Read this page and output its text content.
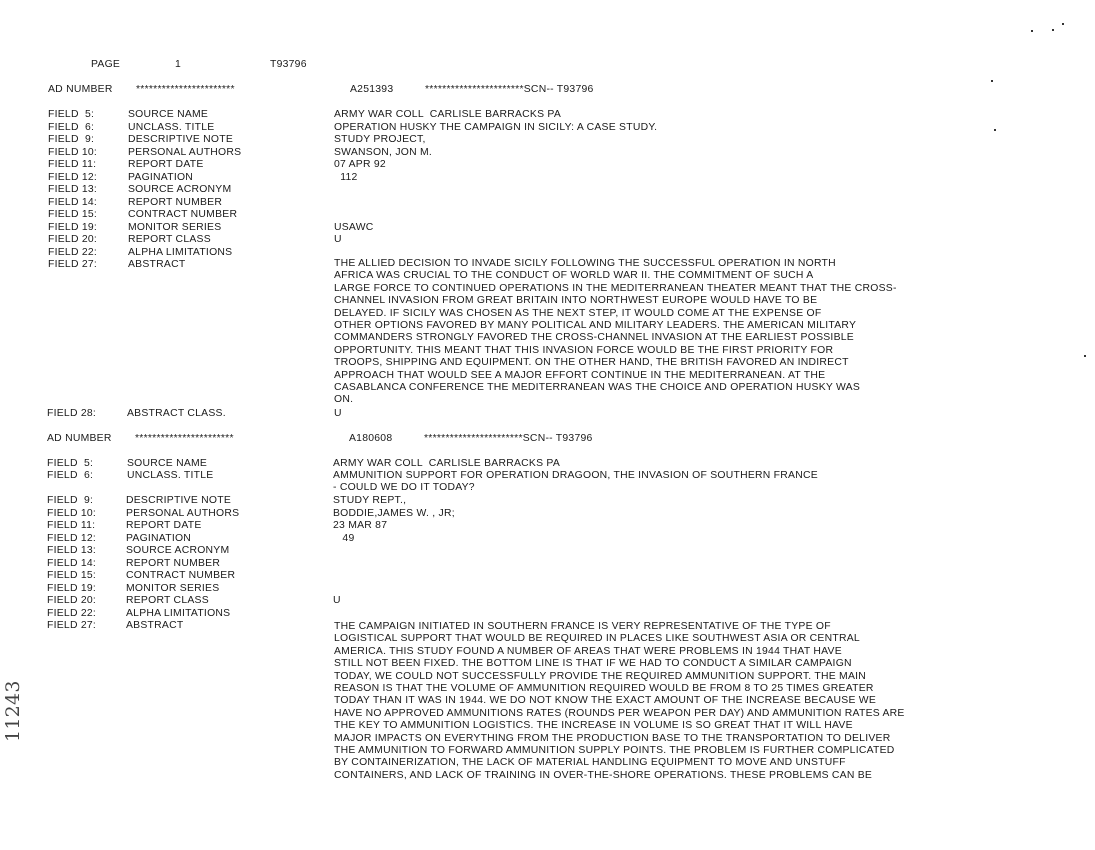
PAGE	1	T93796
AD NUMBER ***********************	A251393	***********************SCN-- T93796
FIELD  5:	SOURCE NAME	ARMY WAR COLL  CARLISLE BARRACKS PA
FIELD  6:	UNCLASS. TITLE	OPERATION HUSKY THE CAMPAIGN IN SICILY: A CASE STUDY.
FIELD  9:	DESCRIPTIVE NOTE	STUDY PROJECT,
FIELD 10:	PERSONAL AUTHORS	SWANSON, JON M.
FIELD 11:	REPORT DATE	07 APR 92
FIELD 12:	PAGINATION	112
FIELD 13:	SOURCE ACRONYM
FIELD 14:	REPORT NUMBER
FIELD 15:	CONTRACT NUMBER
FIELD 19:	MONITOR SERIES	USAWC
FIELD 20:	REPORT CLASS	U
FIELD 22:	ALPHA LIMITATIONS
FIELD 27:	ABSTRACT	THE ALLIED DECISION TO INVADE SICILY FOLLOWING THE SUCCESSFUL OPERATION IN NORTH
AFRICA WAS CRUCIAL TO THE CONDUCT OF WORLD WAR II. THE COMMITMENT OF SUCH A
LARGE FORCE TO CONTINUED OPERATIONS IN THE MEDITERRANEAN THEATER MEANT THAT THE CROSS-
CHANNEL INVASION FROM GREAT BRITAIN INTO NORTHWEST EUROPE WOULD HAVE TO BE
DELAYED. IF SICILY WAS CHOSEN AS THE NEXT STEP, IT WOULD COME AT THE EXPENSE OF
OTHER OPTIONS FAVORED BY MANY POLITICAL AND MILITARY LEADERS. THE AMERICAN MILITARY
COMMANDERS STRONGLY FAVORED THE CROSS-CHANNEL INVASION AT THE EARLIEST POSSIBLE
OPPORTUNITY. THIS MEANT THAT THIS INVASION FORCE WOULD BE THE FIRST PRIORITY FOR
TROOPS, SHIPPING AND EQUIPMENT. ON THE OTHER HAND, THE BRITISH FAVORED AN INDIRECT
APPROACH THAT WOULD SEE A MAJOR EFFORT CONTINUE IN THE MEDITERRANEAN. AT THE
CASABLANCA CONFERENCE THE MEDITERRANEAN WAS THE CHOICE AND OPERATION HUSKY WAS
ON.
FIELD 28:	ABSTRACT CLASS.	U
AD NUMBER ***********************	A180608	***********************SCN-- T93796
FIELD  5:	SOURCE NAME	ARMY WAR COLL  CARLISLE BARRACKS PA
FIELD  6:	UNCLASS. TITLE	AMMUNITION SUPPORT FOR OPERATION DRAGOON, THE INVASION OF SOUTHERN FRANCE
- COULD WE DO IT TODAY?
FIELD  9:	DESCRIPTIVE NOTE	STUDY REPT.,
FIELD 10:	PERSONAL AUTHORS	BODDIE,JAMES W. , JR;
FIELD 11:	REPORT DATE	23 MAR 87
FIELD 12:	PAGINATION	49
FIELD 13:	SOURCE ACRONYM
FIELD 14:	REPORT NUMBER
FIELD 15:	CONTRACT NUMBER
FIELD 19:	MONITOR SERIES
FIELD 20:	REPORT CLASS	U
FIELD 22:	ALPHA LIMITATIONS
FIELD 27:	ABSTRACT	THE CAMPAIGN INITIATED IN SOUTHERN FRANCE IS VERY REPRESENTATIVE OF THE TYPE OF
LOGISTICAL SUPPORT THAT WOULD BE REQUIRED IN PLACES LIKE SOUTHWEST ASIA OR CENTRAL
AMERICA. THIS STUDY FOUND A NUMBER OF AREAS THAT WERE PROBLEMS IN 1944 THAT HAVE
STILL NOT BEEN FIXED. THE BOTTOM LINE IS THAT IF WE HAD TO CONDUCT A SIMILAR CAMPAIGN
TODAY, WE COULD NOT SUCCESSFULLY PROVIDE THE REQUIRED AMMUNITION SUPPORT. THE MAIN
REASON IS THAT THE VOLUME OF AMMUNITION REQUIRED WOULD BE FROM 8 TO 25 TIMES GREATER
TODAY THAN IT WAS IN 1944. WE DO NOT KNOW THE EXACT AMOUNT OF THE INCREASE BECAUSE WE
HAVE NO APPROVED AMMUNITIONS RATES (ROUNDS PER WEAPON PER DAY) AND AMMUNITION RATES ARE
THE KEY TO AMMUNITION LOGISTICS. THE INCREASE IN VOLUME IS SO GREAT THAT IT WILL HAVE
MAJOR IMPACTS ON EVERYTHING FROM THE PRODUCTION BASE TO THE TRANSPORTATION TO DELIVER
THE AMMUNITION TO FORWARD AMMUNITION SUPPLY POINTS. THE PROBLEM IS FURTHER COMPLICATED
BY CONTAINERIZATION, THE LACK OF MATERIAL HANDLING EQUIPMENT TO MOVE AND UNSTUFF
CONTAINERS, AND LACK OF TRAINING IN OVER-THE-SHORE OPERATIONS. THESE PROBLEMS CAN BE
11243
